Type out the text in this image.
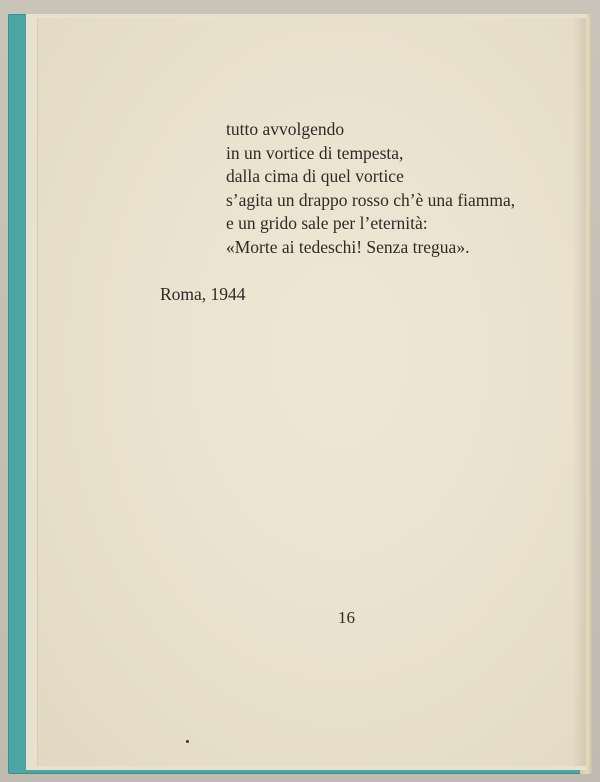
tutto avvolgendo
in un vortice di tempesta,
dalla cima di quel vortice
s’agita un drappo rosso ch’è una fiamma,
e un grido sale per l’eternità:
«Morte ai tedeschi! Senza tregua».
Roma, 1944
16
